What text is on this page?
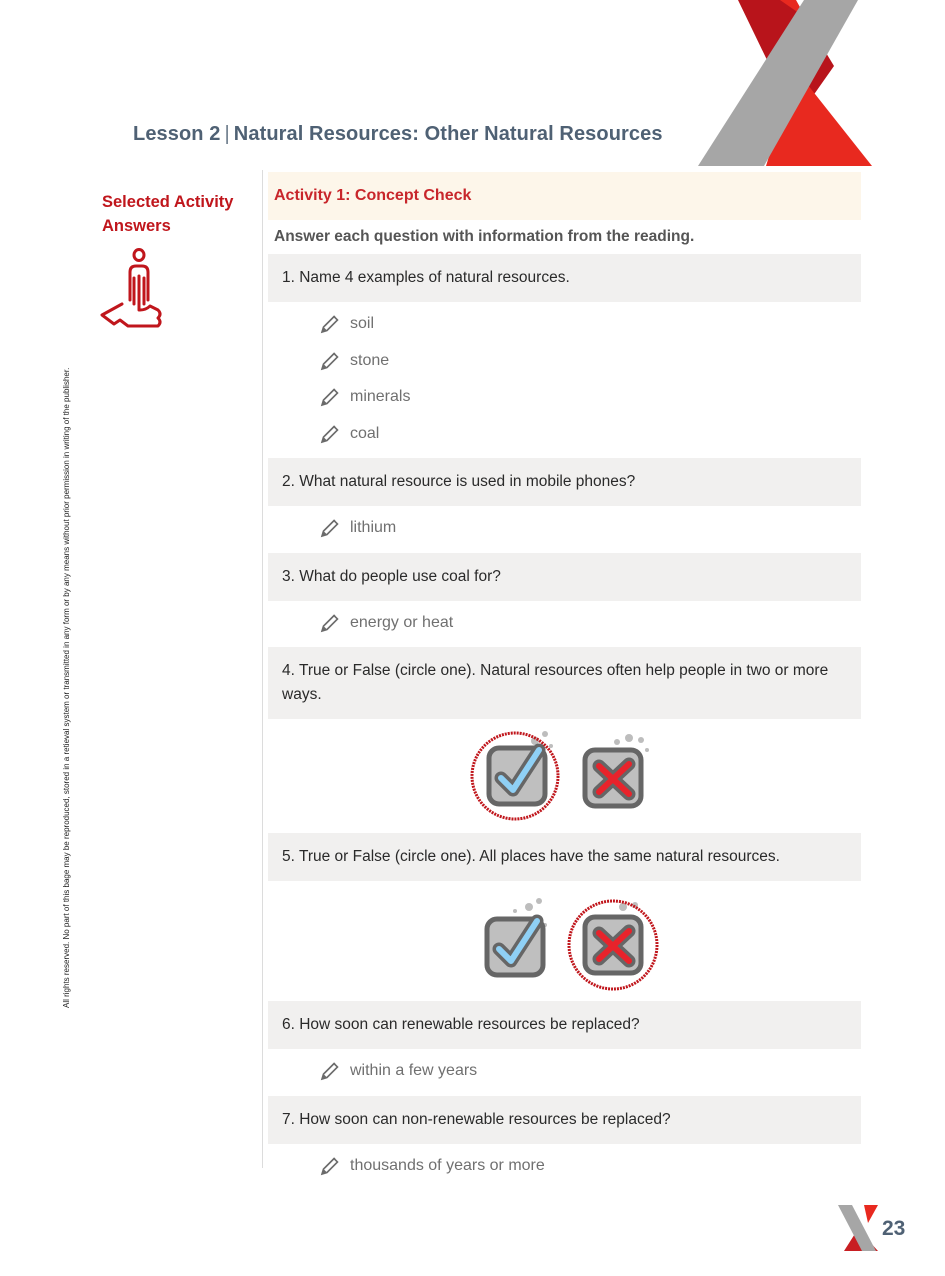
Lesson 2 | Natural Resources: Other Natural Resources
Selected Activity Answers
All rights reserved. No part of this bage may be reproduced, stored in a retieval system or transmitted in any form or by any means without prior permission in writing of the publisher.
Activity 1: Concept Check
Answer each question with information from the reading.
1. Name 4 examples of natural resources.
soil
stone
minerals
coal
2. What natural resource is used in mobile phones?
lithium
3. What do people use coal for?
energy or heat
4. True or False (circle one). Natural resources often help people in two or more ways.
5. True or False (circle one). All places have the same natural resources.
6. How soon can renewable resources be replaced?
within a few years
7. How soon can non-renewable resources be replaced?
thousands of years or more
23
